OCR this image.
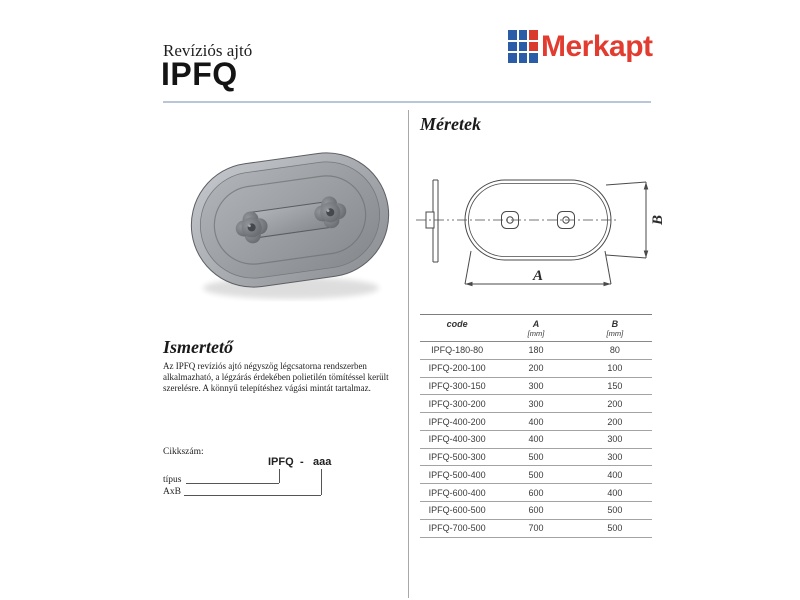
Revíziós ajtó
IPFQ
Merkapt
Ismertető
Az IPFQ revíziós ajtó négyszög légcsatorna rendszerben alkalmazható, a légzárás érdekében polietilén tömítéssel került szerelésre. A könnyű telepítéshez vágási mintát tartalmaz.
Cikkszám:
IPFQ - aaa
típus
AxB
Méretek
A
B
code	A	B
	[mm]	[mm]
IPFQ-180-80	180	80
IPFQ-200-100	200	100
IPFQ-300-150	300	150
IPFQ-300-200	300	200
IPFQ-400-200	400	200
IPFQ-400-300	400	300
IPFQ-500-300	500	300
IPFQ-500-400	500	400
IPFQ-600-400	600	400
IPFQ-600-500	600	500
IPFQ-700-500	700	500
